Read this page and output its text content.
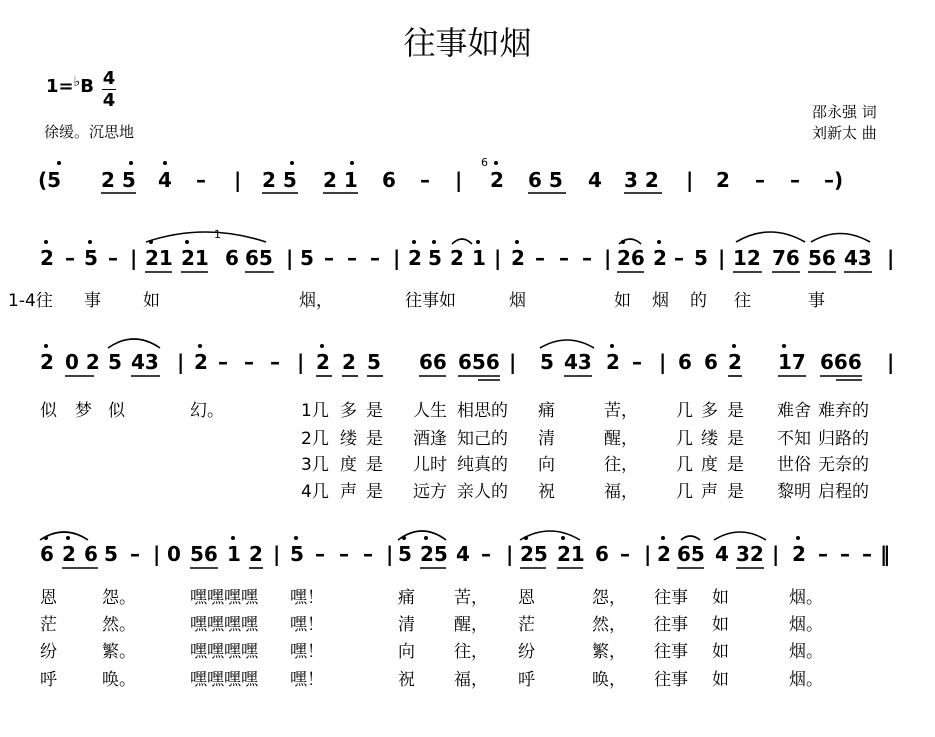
往事如烟
1=♭B 4
4
徐缓。沉思地
邵永强 词
刘新太 曲
(5 2 5 4 – | 2 5 2 1 6 – | 2 6 5 4 3 2 | 2 – – –)
6
2 – 5 – | 21 21 6 65 | 5 – – – | 2 5 2 1 | 2 – – – | 26 2 – 5 | 12 76 56 43 |
1
1-4往 事 如	烟，	往事如	烟	如 烟 的 往	事
2 0 2 5 43 | 2 – – – | 2 2 5 66 656 | 5 43 2 – | 6 6 2 17 666 |
似 梦 似	幻。	1几 多 是 人生 相思的 痛	苦， 几 多 是 难舍 难弃的
2几 缕 是 酒逢 知己的 清	醒， 几 缕 是 不知 归路的
3几 度 是 儿时 纯真的 向	往， 几 度 是 世俗 无奈的
4几 声 是 远方 亲人的 祝	福， 几 声 是 黎明 启程的
6 2 6 5 – | 0 56 1 2 | 5 – – – | 5 25 4 – | 25 21 6 – | 2 65 4 32 | 2 – – – ‖
恩	怨。	嘿嘿嘿嘿 嘿！	痛 苦， 恩	怨， 往事 如	烟。
茫	然。	嘿嘿嘿嘿 嘿！	清 醒， 茫	然， 往事 如	烟。
纷	繁。	嘿嘿嘿嘿 嘿！	向 往， 纷	繁， 往事 如	烟。
呼	唤。	嘿嘿嘿嘿 嘿！	祝 福， 呼	唤， 往事 如	烟。
